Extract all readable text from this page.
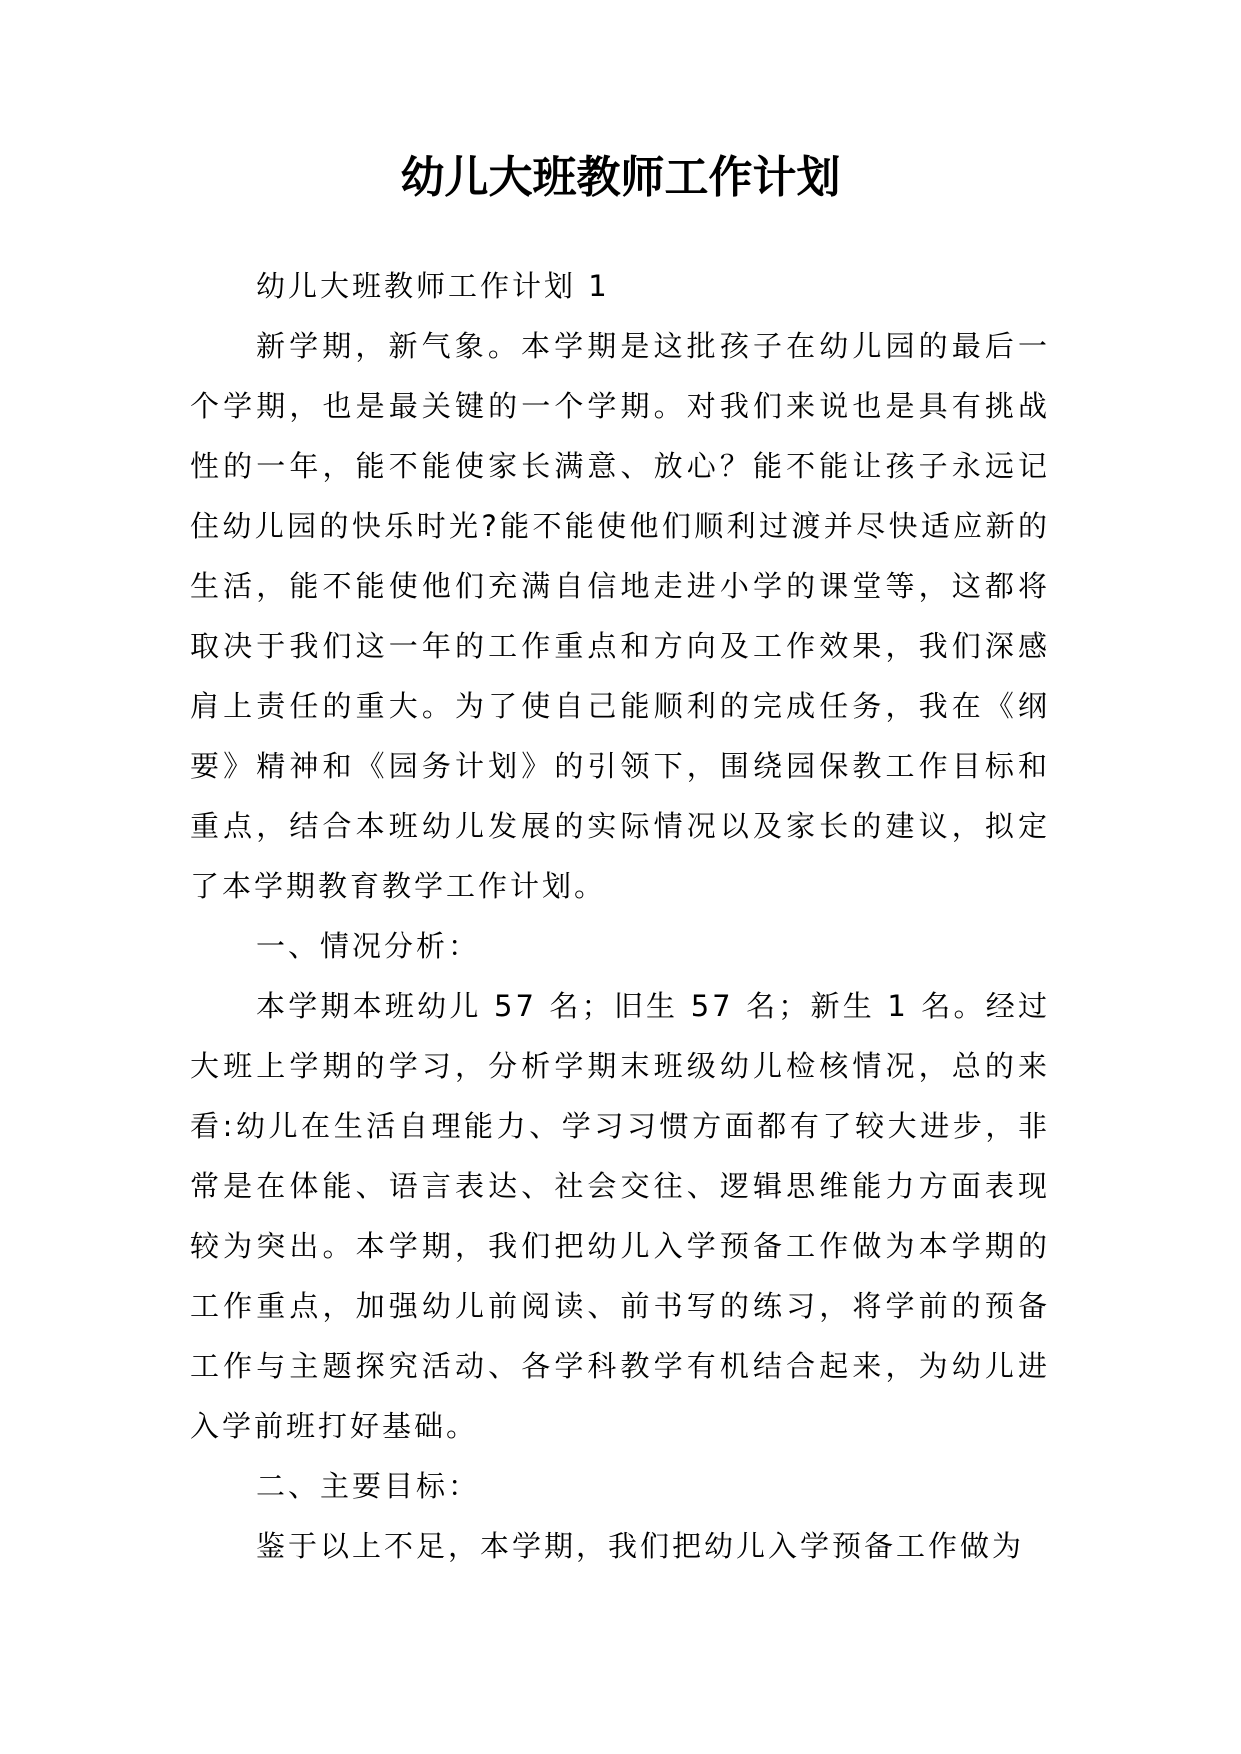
幼儿大班教师工作计划

幼儿大班教师工作计划 1

新学期，新气象。本学期是这批孩子在幼儿园的最后一个学期，也是最关键的一个学期。对我们来说也是具有挑战性的一年，能不能使家长满意、放心？能不能让孩子永远记住幼儿园的快乐时光?能不能使他们顺利过渡并尽快适应新的生活，能不能使他们充满自信地走进小学的课堂等，这都将取决于我们这一年的工作重点和方向及工作效果，我们深感肩上责任的重大。为了使自己能顺利的完成任务，我在《纲要》精神和《园务计划》的引领下，围绕园保教工作目标和重点，结合本班幼儿发展的实际情况以及家长的建议，拟定了本学期教育教学工作计划。

一、情况分析：

本学期本班幼儿 57 名；旧生 57 名；新生 1 名。经过大班上学期的学习，分析学期末班级幼儿检核情况，总的来看:幼儿在生活自理能力、学习习惯方面都有了较大进步，非常是在体能、语言表达、社会交往、逻辑思维能力方面表现较为突出。本学期，我们把幼儿入学预备工作做为本学期的工作重点，加强幼儿前阅读、前书写的练习，将学前的预备工作与主题探究活动、各学科教学有机结合起来，为幼儿进入学前班打好基础。

二、主要目标：

鉴于以上不足，本学期，我们把幼儿入学预备工作做为
